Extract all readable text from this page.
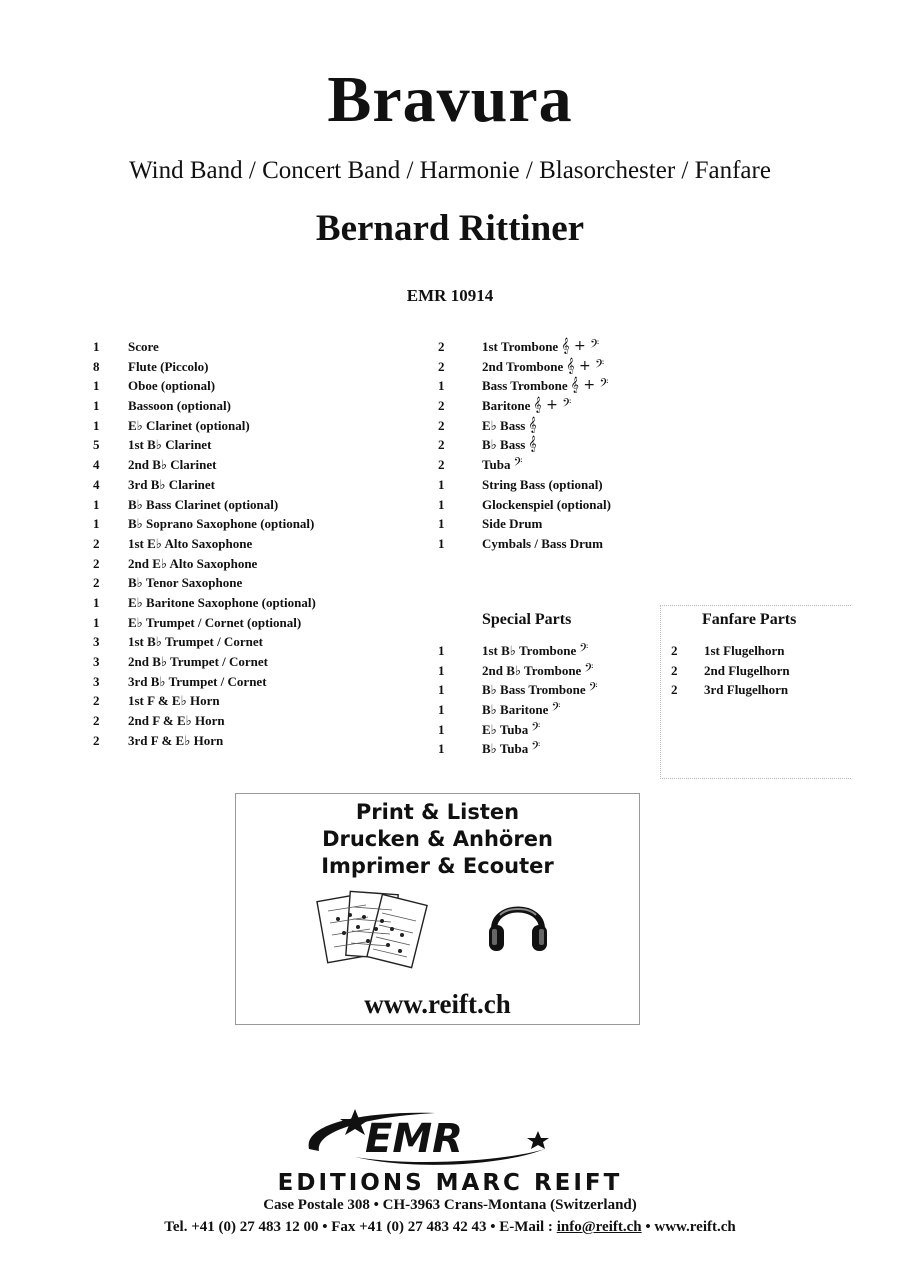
Bravura
Wind Band / Concert Band / Harmonie / Blasorchester / Fanfare
Bernard Rittiner
EMR 10914
1	Score
8	Flute (Piccolo)
1	Oboe (optional)
1	Bassoon (optional)
1	E♭ Clarinet (optional)
5	1st B♭ Clarinet
4	2nd B♭ Clarinet
4	3rd B♭ Clarinet
1	B♭ Bass Clarinet (optional)
1	B♭ Soprano Saxophone (optional)
2	1st E♭ Alto Saxophone
2	2nd E♭ Alto Saxophone
2	B♭ Tenor Saxophone
1	E♭ Baritone Saxophone (optional)
1	E♭ Trumpet / Cornet (optional)
3	1st B♭ Trumpet / Cornet
3	2nd B♭ Trumpet / Cornet
3	3rd B♭ Trumpet / Cornet
2	1st F & E♭ Horn
2	2nd F & E♭ Horn
2	3rd F & E♭ Horn
2	1st Trombone 𝄞 + 𝄢
2	2nd Trombone 𝄞 + 𝄢
1	Bass Trombone 𝄞 + 𝄢
2	Baritone 𝄞 + 𝄢
2	E♭ Bass 𝄞
2	B♭ Bass 𝄞
2	Tuba 𝄢
1	String Bass (optional)
1	Glockenspiel (optional)
1	Side Drum
1	Cymbals / Bass Drum
Special Parts
1	1st B♭ Trombone 𝄢
1	2nd B♭ Trombone 𝄢
1	B♭ Bass Trombone 𝄢
1	B♭ Baritone 𝄢
1	E♭ Tuba 𝄢
1	B♭ Tuba 𝄢
Fanfare Parts
2	1st Flugelhorn
2	2nd Flugelhorn
2	3rd Flugelhorn
Print & Listen
Drucken & Anhören
Imprimer & Ecouter
www.reift.ch
EMR
EDITIONS MARC REIFT
Case Postale 308 • CH-3963 Crans-Montana (Switzerland)
Tel. +41 (0) 27 483 12 00 • Fax +41 (0) 27 483 42 43 • E-Mail : info@reift.ch • www.reift.ch
